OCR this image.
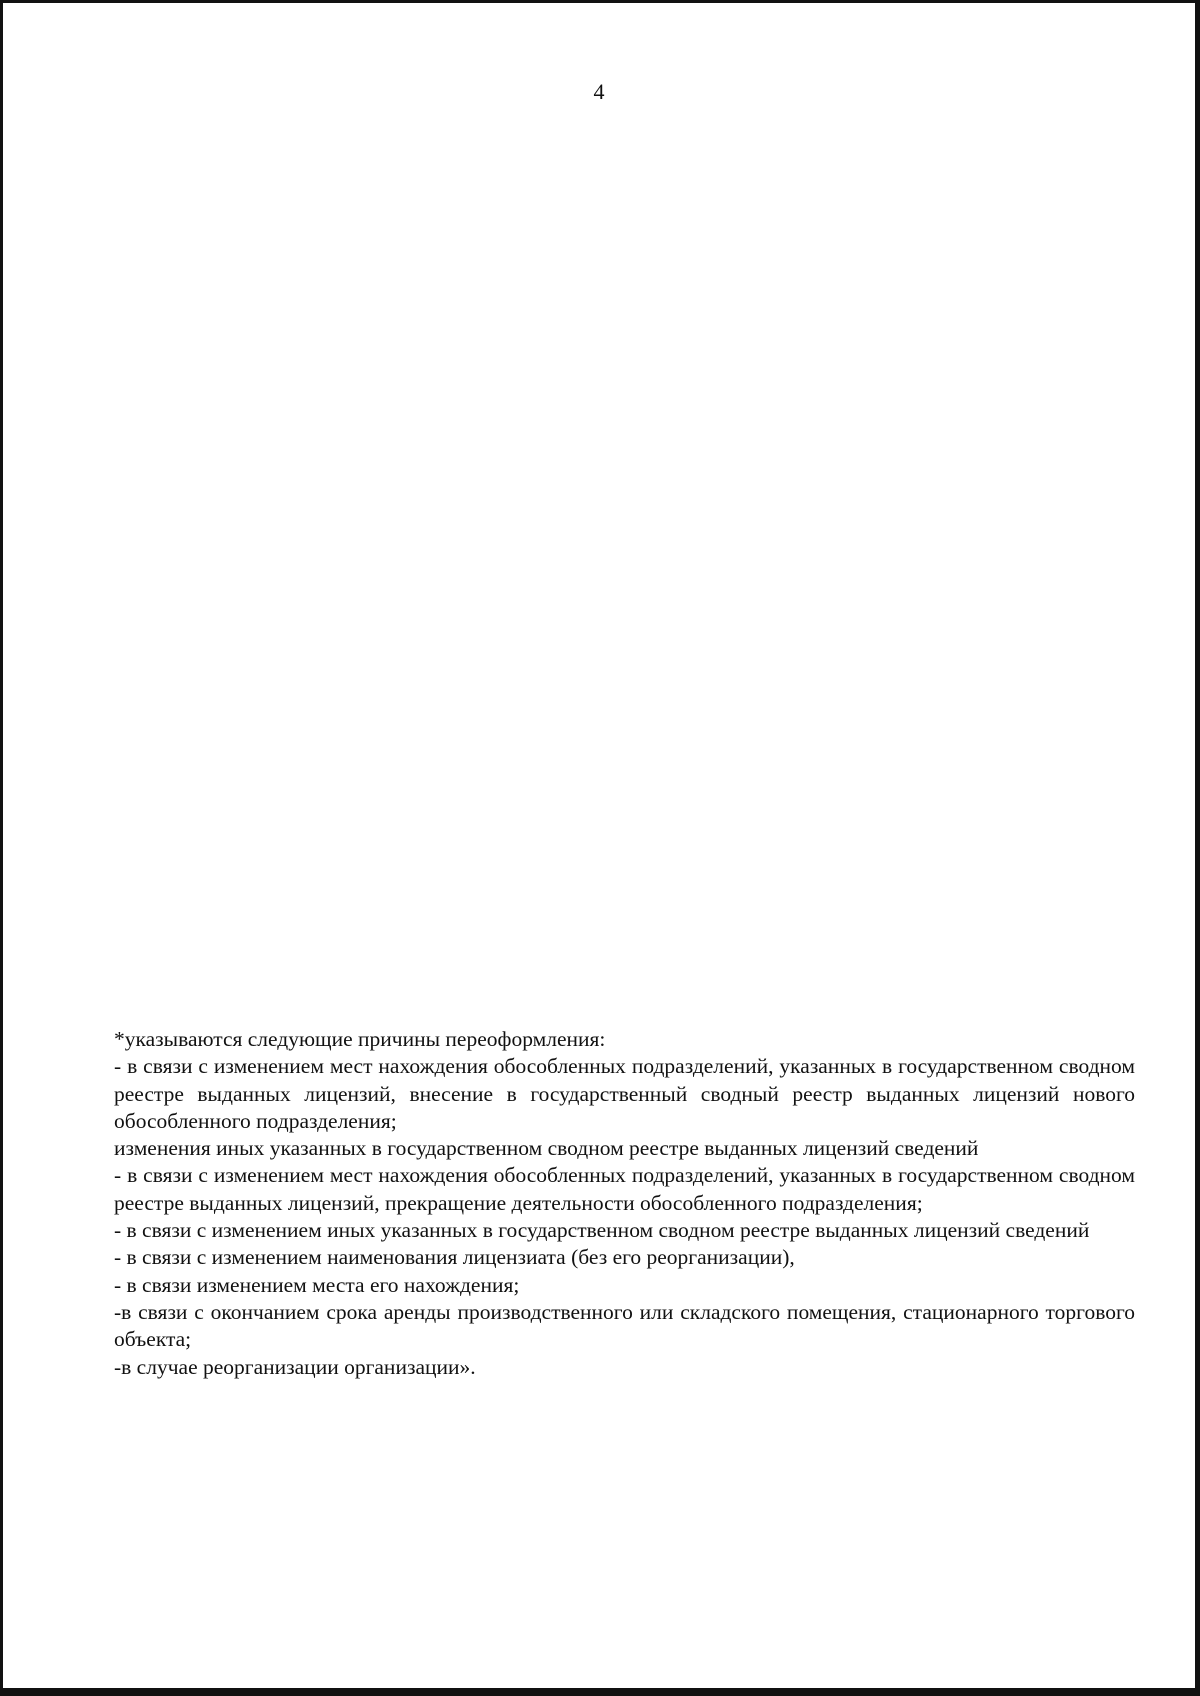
4

*указываются следующие причины переоформления:

- в связи с изменением мест нахождения обособленных подразделений, указанных в государственном сводном реестре выданных лицензий, внесение в государственный сводный реестр выданных лицензий нового обособленного подразделения;

изменения иных указанных в государственном сводном реестре выданных лицензий сведений

- в связи с изменением мест нахождения обособленных подразделений, указанных в государственном сводном реестре выданных лицензий, прекращение деятельности обособленного подразделения;

- в связи с изменением иных указанных в государственном сводном реестре выданных лицензий сведений

- в связи с изменением наименования лицензиата (без его реорганизации),

- в связи изменением места его нахождения;

-в связи с окончанием срока аренды производственного или складского помещения, стационарного торгового объекта;

-в случае реорганизации организации».
